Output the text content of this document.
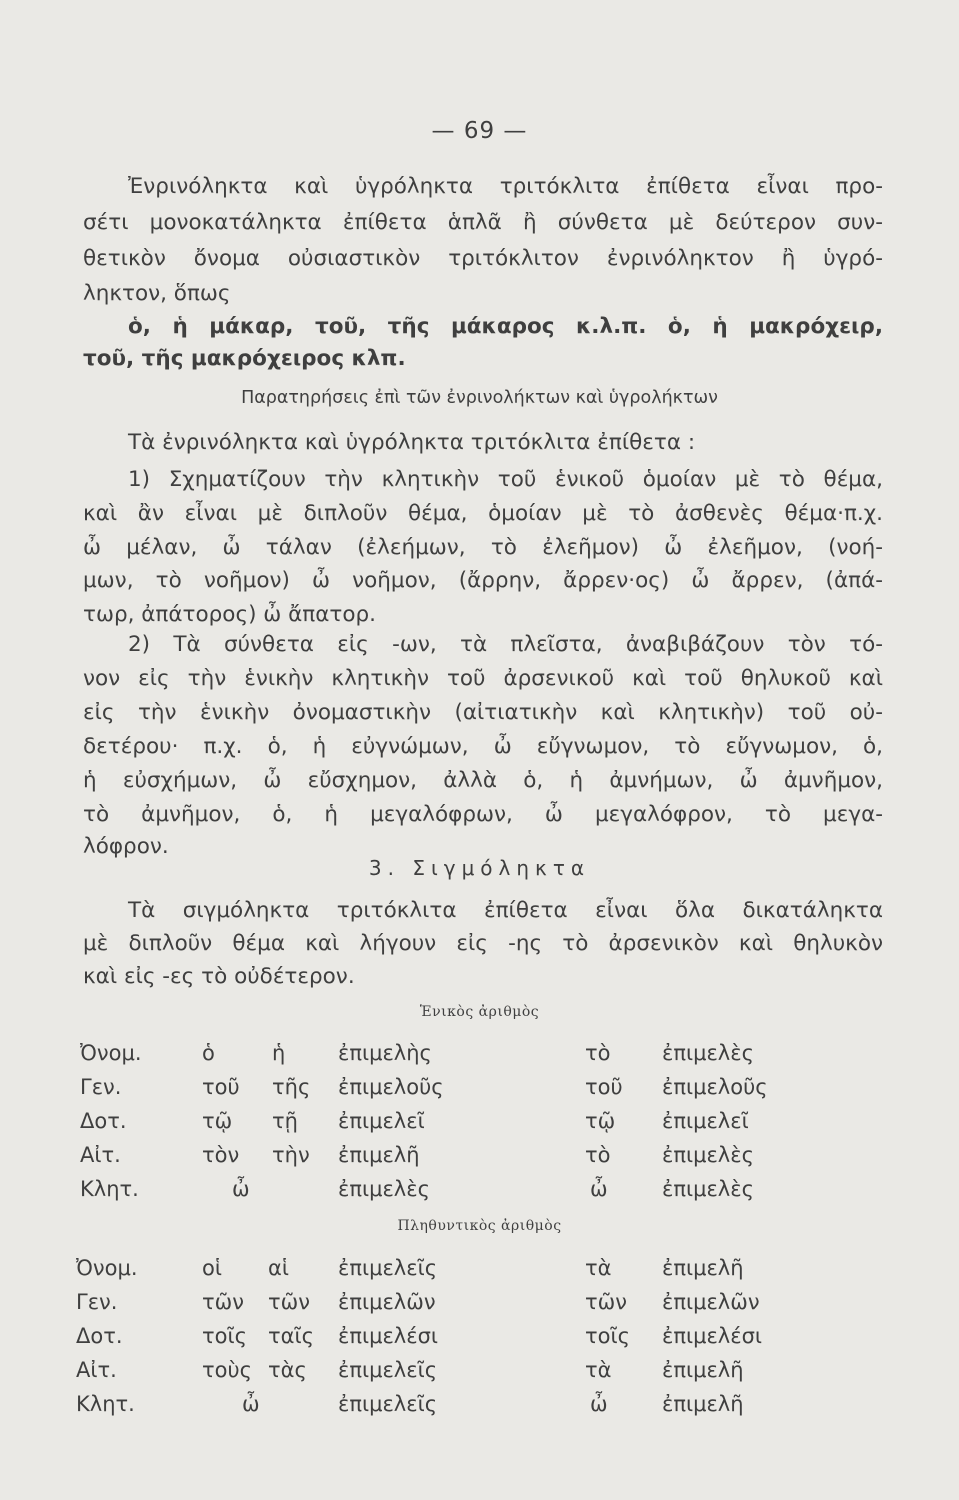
— 69 —
Ἐνρινόληκτα καὶ ὑγρόληκτα τριτόκλιτα ἐπίθετα εἶναι προ-
σέτι μονοκατάληκτα ἐπίθετα ἁπλᾶ ἢ σύνθετα μὲ δεύτερον συν-
θετικὸν ὄνομα οὐσιαστικὸν τριτόκλιτον ἐνρινόληκτον ἢ ὑγρό-
ληκτον, ὅπως
ὁ, ἡ μάκαρ, τοῦ, τῆς μάκαρος κ.λ.π. ὁ, ἡ μακρόχειρ,
τοῦ, τῆς μακρόχειρος κλπ.
Παρατηρήσεις ἐπὶ τῶν ἐνρινολήκτων καὶ ὑγρολήκτων
Τὰ ἐνρινόληκτα καὶ ὑγρόληκτα τριτόκλιτα ἐπίθετα :
1) Σχηματίζουν τὴν κλητικὴν τοῦ ἑνικοῦ ὁμοίαν μὲ τὸ θέμα,
καὶ ἂν εἶναι μὲ διπλοῦν θέμα, ὁμοίαν μὲ τὸ ἀσθενὲς θέμα·π.χ.
ὦ μέλαν, ὦ τάλαν (ἐλεήμων, τὸ ἐλεῆμον) ὦ ἐλεῆμον, (νοή-
μων, τὸ νοῆμον) ὦ νοῆμον, (ἄρρην, ἄρρεν·ος) ὦ ἄρρεν, (ἀπά-
τωρ, ἀπάτορος) ὦ ἄπατορ.
2) Τὰ σύνθετα εἰς -ων, τὰ πλεῖστα, ἀναβιβάζουν τὸν τό-
νον εἰς τὴν ἑνικὴν κλητικὴν τοῦ ἀρσενικοῦ καὶ τοῦ θηλυκοῦ καὶ
εἰς τὴν ἑνικὴν ὀνομαστικὴν (αἰτιατικὴν καὶ κλητικὴν) τοῦ οὐ-
δετέρου· π.χ. ὁ, ἡ εὐγνώμων, ὦ εὔγνωμον, τὸ εὔγνωμον, ὁ,
ἡ εὐσχήμων, ὦ εὔσχημον, ἀλλὰ ὁ, ἡ ἀμνήμων, ὦ ἀμνῆμον,
τὸ ἀμνῆμον, ὁ, ἡ μεγαλόφρων, ὦ μεγαλόφρον, τὸ μεγα-
λόφρον.
3. Σιγμόληκτα
Τὰ σιγμόληκτα τριτόκλιτα ἐπίθετα εἶναι ὅλα δικατάληκτα
μὲ διπλοῦν θέμα καὶ λήγουν εἰς -ης τὸ ἀρσενικὸν καὶ θηλυκὸν
καὶ εἰς -ες τὸ οὐδέτερον.
Ἑνικὸς ἀριθμὸς
Ὀνομ.	ὁ	ἡ	ἐπιμελὴς	τὸ ἐπιμελὲς
Γεν.	τοῦ τῆς ἐπιμελοῦς	τοῦ ἐπιμελοῦς
Δοτ.	τῷ τῇ ἐπιμελεῖ	τῷ ἐπιμελεῖ
Αἰτ.	τὸν τὴν ἐπιμελῆ	τὸ ἐπιμελὲς
Κλητ.	ὦ	ἐπιμελὲς	ὦ	ἐπιμελὲς
Πληθυντικὸς ἀριθμὸς
Ὀνομ.	οἱ αἱ ἐπιμελεῖς	τὰ ἐπιμελῆ
Γεν.	τῶν τῶν ἐπιμελῶν	τῶν ἐπιμελῶν
Δοτ.	τοῖς ταῖς ἐπιμελέσι	τοῖς ἐπιμελέσι
Αἰτ.	τοὺς τὰς ἐπιμελεῖς	τὰ ἐπιμελῆ
Κλητ.	ὦ	ἐπιμελεῖς	ὦ	ἐπιμελῆ
